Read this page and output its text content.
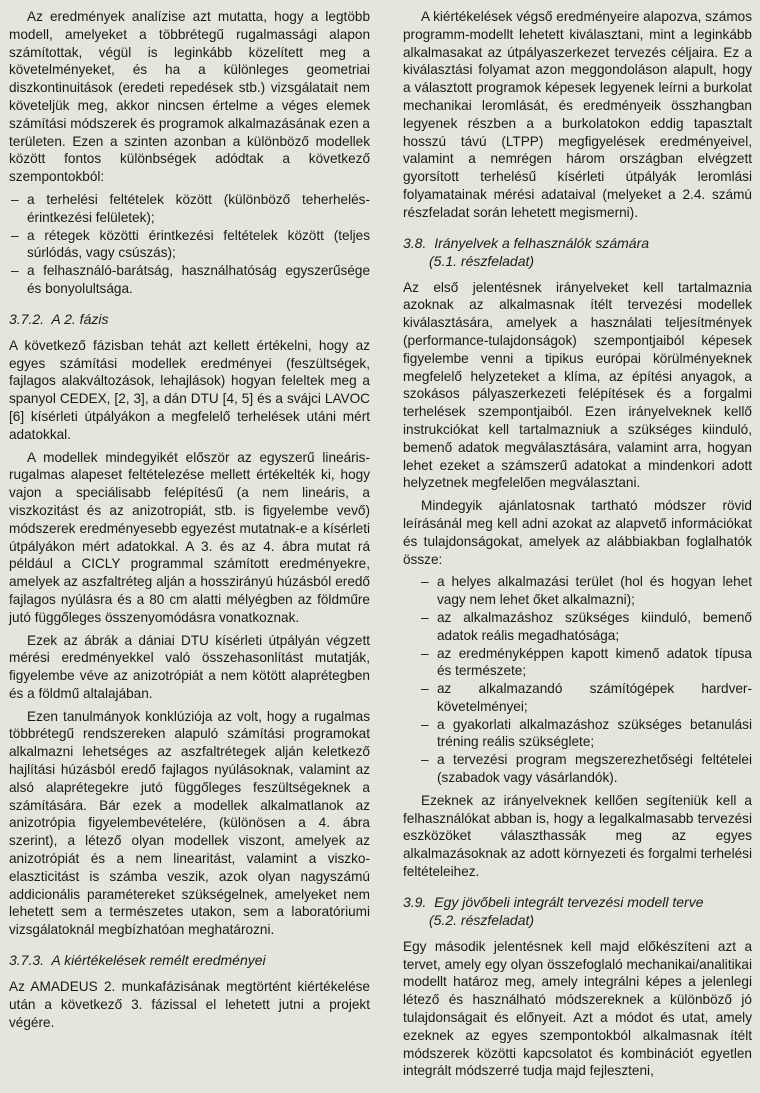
Az eredmények analízise azt mutatta, hogy a legtöbb modell, amelyeket a többrétegű rugalmassági alapon számítottak, végül is leginkább közelített meg a követelményeket, és ha a különleges geometriai diszkontinuitások (eredeti repedések stb.) vizsgálatait nem követeljük meg, akkor nincsen értelme a véges elemek számítási módszerek és programok alkalmazásának ezen a területen. Ezen a szinten azonban a különböző modellek között fontos különbségek adódtak a következő szempontokból:

– a terhelési feltételek között (különböző teherhelés-érintkezési felületek);
– a rétegek közötti érintkezési feltételek között (teljes súrlódás, vagy csúszás);
– a felhasználó-barátság, használhatóság egyszerűsége és bonyolultsága.
3.7.2. A 2. fázis

A következő fázisban tehát azt kellett értékelni, hogy az egyes számítási modellek eredményei (feszültségek, fajlagos alakváltozások, lehajlások) hogyan feleltek meg a spanyol CEDEX, [2, 3], a dán DTU [4, 5] és a svájci LAVOC [6] kísérleti útpályákon a megfelelő terhelések utáni mért adatokkal.

A modellek mindegyikét először az egyszerű lineáris-rugalmas alapeset feltételezése mellett értékelték ki, hogy vajon a speciálisabb felépítésű (a nem lineáris, a viszkozitást és az anizotropiát, stb. is figyelembe vevő) módszerek eredményesebb egyezést mutatnak-e a kísérleti útpályákon mért adatokkal. A 3. és az 4. ábra mutat rá például a CICLY programmal számított eredményekre, amelyek az aszfaltréteg alján a hosszirányú húzásból eredő fajlagos nyúlásra és a 80 cm alatti mélyégben az földműre jutó függőleges összenyomódásra vonatkoznak.

Ezek az ábrák a dániai DTU kísérleti útpályán végzett mérési eredményekkel való összehasonlítást mutatják, figyelembe véve az anizotrópiát a nem kötött alaprétegben és a földmű altalajában.

Ezen tanulmányok konklúziója az volt, hogy a rugalmas többrétegű rendszereken alapuló számítási programokat alkalmazni lehetséges az aszfaltrétegek alján keletkező hajlítási húzásból eredő fajlagos nyúlásoknak, valamint az alsó alaprétegekre jutó függőleges feszültségeknek a számítására. Bár ezek a modellek alkalmatlanok az anizotrópia figyelembevételére, (különösen a 4. ábra szerint), a létező olyan modellek viszont, amelyek az anizotrópiát és a nem linearitást, valamint a viszko-elaszticitást is számba veszik, azok olyan nagyszámú addicionális paramétereket szükségelnek, amelyeket nem lehetett sem a természetes utakon, sem a laboratóriumi vizsgálatoknál megbízhatóan meghatározni.

3.7.3. A kiértékelések remélt eredményei

Az AMADEUS 2. munkafázisának megtörtént kiértékelése után a következő 3. fázissal el lehetett jutni a projekt végére.

A kiértékelések végső eredményeire alapozva, számos programm-modellt lehetett kiválasztani, mint a leginkább alkalmasakat az útpályaszerkezet tervezés céljaira. Ez a kiválasztási folyamat azon meggondoláson alapult, hogy a választott programok képesek legyenek leírni a burkolat mechanikai leromlását, és eredményeik összhangban legyenek részben a a burkolatokon eddig tapasztalt hosszú távú (LTPP) megfigyelések eredményeivel, valamint a nemrégen három országban elvégzett gyorsított terhelésű kísérleti útpályák leromlási folyamatainak mérési adataival (melyeket a 2.4. számú részfeladat során lehetett megismerni).

3.8. Irányelvek a felhasználók számára
(5.1. részfeladat)

Az első jelentésnek irányelveket kell tartalmaznia azoknak az alkalmasnak ítélt tervezési modellek kiválasztására, amelyek a használati teljesítmények (performance-tulajdonságok) szempontjaiból képesek figyelembe venni a tipikus európai körülményeknek megfelelő helyzeteket a klíma, az építési anyagok, a szokásos pályaszerkezeti felépítések és a forgalmi terhelések szempontjaiból. Ezen irányelveknek kellő instrukciókat kell tartalmazniuk a szükséges kiinduló, bemenő adatok megválasztására, valamint arra, hogyan lehet ezeket a számszerű adatokat a mindenkori adott helyzetnek megfelelően megválasztani.

Mindegyik ajánlatosnak tartható módszer rövid leírásánál meg kell adni azokat az alapvető információkat és tulajdonságokat, amelyek az alábbiakban foglalhatók össze:

– a helyes alkalmazási terület (hol és hogyan lehet vagy nem lehet őket alkalmazni);
– az alkalmazáshoz szükséges kiinduló, bemenő adatok reális megadhatósága;
– az eredményképpen kapott kimenő adatok típusa és természete;
– az alkalmazandó számítógépek hardver-követelményei;
– a gyakorlati alkalmazáshoz szükséges betanulási tréning reális szükséglete;
– a tervezési program megszerezhetőségi feltételei (szabadok vagy vásárlandók).

Ezeknek az irányelveknek kellően segíteniük kell a felhasználókat abban is, hogy a legalkalmasabb tervezési eszközöket választhassák meg az egyes alkalmazásoknak az adott környezeti és forgalmi terhelési feltételeihez.

3.9. Egy jövőbeli integrált tervezési modell terve
(5.2. részfeladat)

Egy második jelentésnek kell majd előkészíteni azt a tervet, amely egy olyan összefoglaló mechanikai/analitikai modellt határoz meg, amely integrálni képes a jelenlegi létező és használható módszereknek a különböző jó tulajdonságait és előnyeit. Azt a módot és utat, amely ezeknek az egyes szempontokból alkalmasnak ítélt módszerek közötti kapcsolatot és kombinációt egyetlen integrált módszerré tudja majd fejleszteni,
